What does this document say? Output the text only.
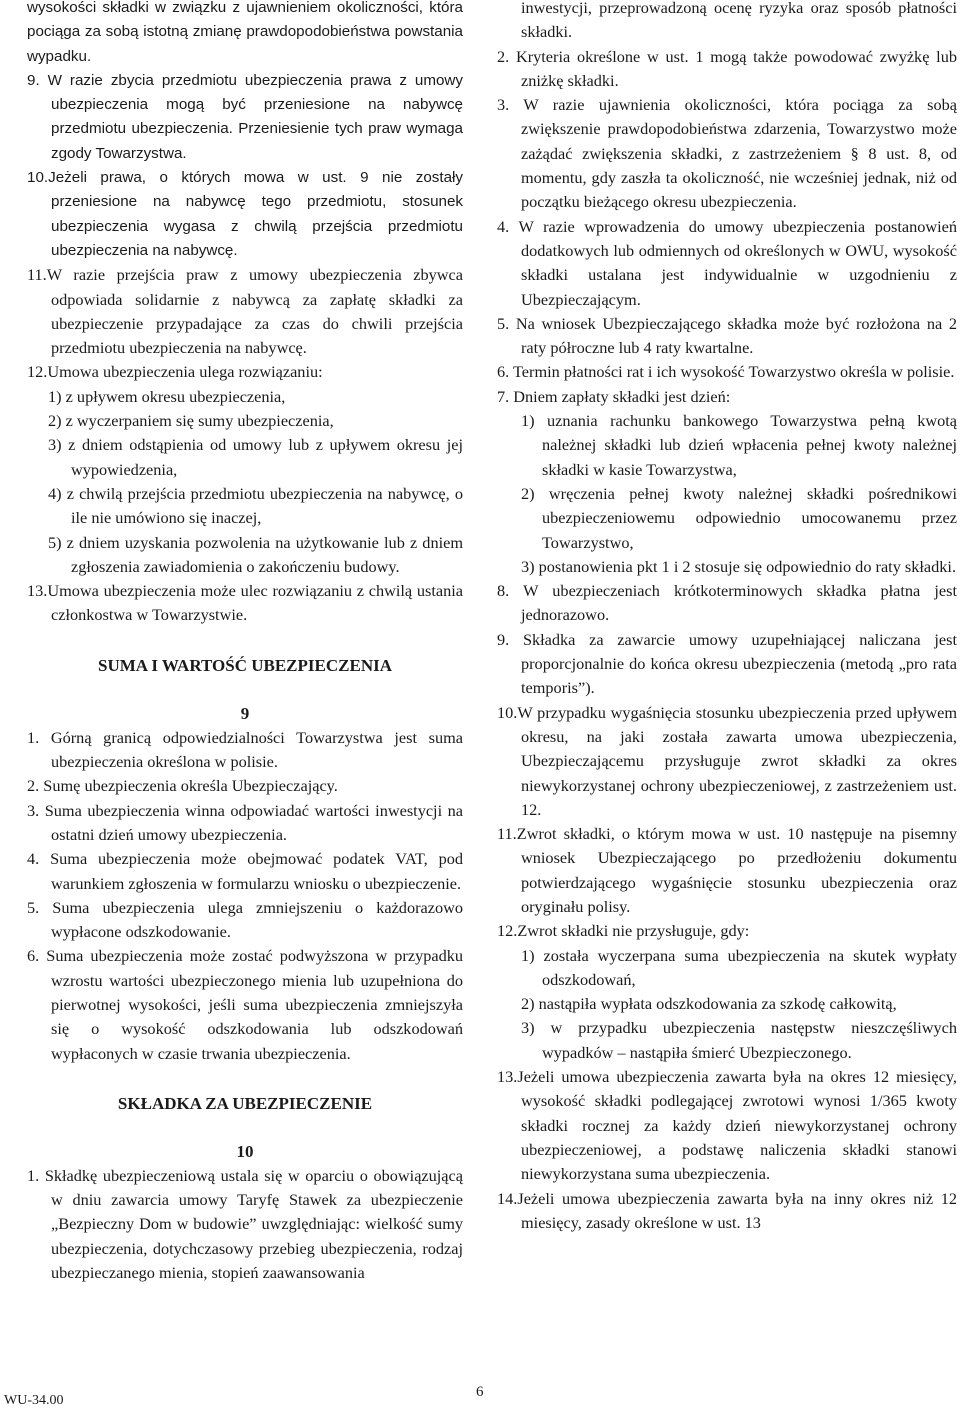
wysokości składki w związku z ujawnieniem okoliczności, która pociąga za sobą istotną zmianę prawdopodobieństwa powstania wypadku.

9. W razie zbycia przedmiotu ubezpieczenia prawa z umowy ubezpieczenia mogą być przeniesione na nabywcę przedmiotu ubezpieczenia. Przeniesienie tych praw wymaga zgody Towarzystwa.

10.Jeżeli prawa, o których mowa w ust. 9 nie zostały przeniesione na nabywcę tego przedmiotu, stosunek ubezpieczenia wygasa z chwilą przejścia przedmiotu ubezpieczenia na nabywcę.

11.W razie przejścia praw z umowy ubezpieczenia zbywca odpowiada solidarnie z nabywcą za zapłatę składki za ubezpieczenie przypadające za czas do chwili przejścia przedmiotu ubezpieczenia na nabywcę.

12.Umowa ubezpieczenia ulega rozwiązaniu:

1) z upływem okresu ubezpieczenia,

2) z wyczerpaniem się sumy ubezpieczenia,

3) z dniem odstąpienia od umowy lub z upływem okresu jej wypowiedzenia,

4) z chwilą przejścia przedmiotu ubezpieczenia na nabywcę, o ile nie umówiono się inaczej,

5) z dniem uzyskania pozwolenia na użytkowanie lub z dniem zgłoszenia zawiadomienia o zakończeniu budowy.

13.Umowa ubezpieczenia może ulec rozwiązaniu z chwilą ustania członkostwa w Towarzystwie.

SUMA I WARTOŚĆ UBEZPIECZENIA

9

1. Górną granicą odpowiedzialności Towarzystwa jest suma ubezpieczenia określona w polisie.

2. Sumę ubezpieczenia określa Ubezpieczający.

3. Suma ubezpieczenia winna odpowiadać wartości inwestycji na ostatni dzień umowy ubezpieczenia.

4. Suma ubezpieczenia może obejmować podatek VAT, pod warunkiem zgłoszenia w formularzu wniosku o ubezpieczenie.

5. Suma ubezpieczenia ulega zmniejszeniu o każdorazowo wypłacone odszkodowanie.

6. Suma ubezpieczenia może zostać podwyższona w przypadku wzrostu wartości ubezpieczonego mienia lub uzupełniona do pierwotnej wysokości, jeśli suma ubezpieczenia zmniejszyła się o wysokość odszkodowania lub odszkodowań wypłaconych w czasie trwania ubezpieczenia.

SKŁADKA ZA UBEZPIECZENIE

10

1. Składkę ubezpieczeniową ustala się w oparciu o obowiązującą w dniu zawarcia umowy Taryfę Stawek za ubezpieczenie „Bezpieczny Dom w budowie” uwzględniając: wielkość sumy ubezpieczenia, dotychczasowy przebieg ubezpieczenia, rodzaj ubezpieczanego mienia, stopień zaawansowania

inwestycji, przeprowadzoną ocenę ryzyka oraz sposób płatności składki.

2. Kryteria określone w ust. 1 mogą także powodować zwyżkę lub zniżkę składki.

3. W razie ujawnienia okoliczności, która pociąga za sobą zwiększenie prawdopodobieństwa zdarzenia, Towarzystwo może zażądać zwiększenia składki, z zastrzeżeniem § 8 ust. 8, od momentu, gdy zaszła ta okoliczność, nie wcześniej jednak, niż od początku bieżącego okresu ubezpieczenia.

4. W razie wprowadzenia do umowy ubezpieczenia postanowień dodatkowych lub odmiennych od określonych w OWU, wysokość składki ustalana jest indywidualnie w uzgodnieniu z Ubezpieczającym.

5. Na wniosek Ubezpieczającego składka może być rozłożona na 2 raty półroczne lub 4 raty kwartalne.

6. Termin płatności rat i ich wysokość Towarzystwo określa w polisie.

7. Dniem zapłaty składki jest dzień:

1) uznania rachunku bankowego Towarzystwa pełną kwotą należnej składki lub dzień wpłacenia pełnej kwoty należnej składki w kasie Towarzystwa,

2) wręczenia pełnej kwoty należnej składki pośrednikowi ubezpieczeniowemu odpowiednio umocowanemu przez Towarzystwo,

3) postanowienia pkt 1 i 2 stosuje się odpowiednio do raty składki.

8. W ubezpieczeniach krótkoterminowych składka płatna jest jednorazowo.

9. Składka za zawarcie umowy uzupełniającej naliczana jest proporcjonalnie do końca okresu ubezpieczenia (metodą „pro rata temporis”).

10.W przypadku wygaśnięcia stosunku ubezpieczenia przed upływem okresu, na jaki została zawarta umowa ubezpieczenia, Ubezpieczającemu przysługuje zwrot składki za okres niewykorzystanej ochrony ubezpieczeniowej, z zastrzeżeniem ust. 12.

11.Zwrot składki, o którym mowa w ust. 10 następuje na pisemny wniosek Ubezpieczającego po przedłożeniu dokumentu potwierdzającego wygaśnięcie stosunku ubezpieczenia oraz oryginału polisy.

12.Zwrot składki nie przysługuje, gdy:

1) została wyczerpana suma ubezpieczenia na skutek wypłaty odszkodowań,

2) nastąpiła wypłata odszkodowania za szkodę całkowitą,

3) w przypadku ubezpieczenia następstw nieszczęśliwych wypadków – nastąpiła śmierć Ubezpieczonego.

13.Jeżeli umowa ubezpieczenia zawarta była na okres 12 miesięcy, wysokość składki podlegającej zwrotowi wynosi 1/365 kwoty składki rocznej za każdy dzień niewykorzystanej ochrony ubezpieczeniowej, a podstawę naliczenia składki stanowi niewykorzystana suma ubezpieczenia.

14.Jeżeli umowa ubezpieczenia zawarta była na inny okres niż 12 miesięcy, zasady określone w ust. 13

WU-34.00
6
